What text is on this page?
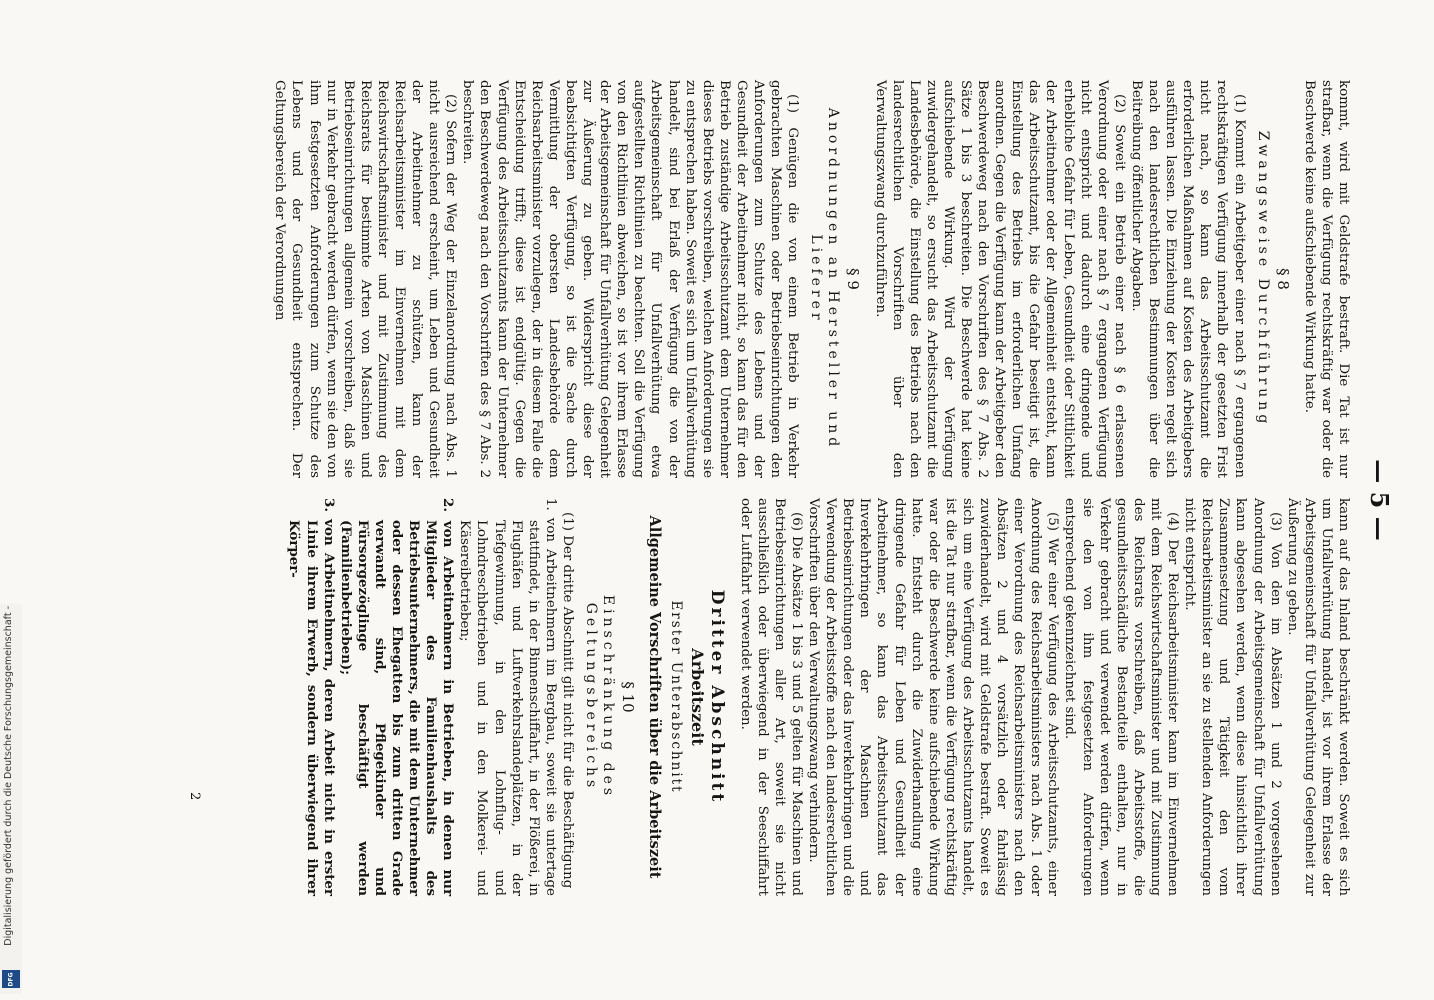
— 5 —

kommt, wird mit Geldstrafe bestraft. Die Tat ist nur strafbar, wenn die Verfügung rechtskräftig war oder die Beschwerde keine aufschiebende Wirkung hatte.

§ 8
Zwangsweise Durchführung

(1) Kommt ein Arbeitgeber einer nach § 7 ergangenen rechtskräftigen Verfügung innerhalb der gesetzten Frist nicht nach, so kann das Arbeitsschutzamt die erforderlichen Maßnahmen auf Kosten des Arbeitgebers ausführen lassen. Die Einziehung der Kosten regelt sich nach den landesrechtlichen Bestimmungen über die Beitreibung öffentlicher Abgaben.

(2) Soweit ein Betrieb einer nach § 6 erlassenen Verordnung oder einer nach § 7 ergangenen Verfügung nicht entspricht und dadurch eine dringende und erhebliche Gefahr für Leben, Gesundheit oder Sittlichkeit der Arbeitnehmer oder der Allgemeinheit entsteht, kann das Arbeitsschutzamt, bis die Gefahr beseitigt ist, die Einstellung des Betriebs im erforderlichen Umfang anordnen. Gegen die Verfügung kann der Arbeitgeber den Beschwerdeweg nach den Vorschriften des § 7 Abs. 2 Sätze 1 bis 3 beschreiten. Die Beschwerde hat keine aufschiebende Wirkung. Wird der Verfügung zuwidergehandelt, so ersucht das Arbeitsschutzamt die Landesbehörde, die Einstellung des Betriebs nach den landesrechtlichen Vorschriften über den Verwaltungszwang durchzuführen.

§ 9
Anordnungen an Hersteller und Lieferer

(1) Genügen die von einem Betrieb in Verkehr gebrachten Maschinen oder Betriebseinrichtungen den Anforderungen zum Schutze des Lebens und der Gesundheit der Arbeitnehmer nicht, so kann das für den Betrieb zuständige Arbeitsschutzamt dem Unternehmer dieses Betriebs vorschreiben, welchen Anforderungen sie zu entsprechen haben. Soweit es sich um Unfallverhütung handelt, sind bei Erlaß der Verfügung die von der Arbeitsgemeinschaft für Unfallverhütung etwa aufgestellten Richtlinien zu beachten. Soll die Verfügung von den Richtlinien abweichen, so ist vor ihrem Erlasse der Arbeitsgemeinschaft für Unfallverhütung Gelegenheit zur Äußerung zu geben. Widerspricht diese der beabsichtigten Verfügung, so ist die Sache durch Vermittlung der obersten Landesbehörde dem Reichsarbeitsminister vorzulegen, der in diesem Falle die Entscheidung trifft; diese ist endgültig. Gegen die Verfügung des Arbeitsschutzamts kann der Unternehmer den Beschwerdeweg nach den Vorschriften des § 7 Abs. 2 beschreiten.

(2) Sofern der Weg der Einzelanordnung nach Abs. 1 nicht ausreichend erscheint, um Leben und Gesundheit der Arbeitnehmer zu schützen, kann der Reichsarbeitsminister im Einvernehmen mit dem Reichswirtschaftsminister und mit Zustimmung des Reichsrats für bestimmte Arten von Maschinen und Betriebseinrichtungen allgemein vorschreiben, daß sie nur in Verkehr gebracht werden dürfen, wenn sie den von ihm festgesetzten Anforderungen zum Schutze des Lebens und der Gesundheit entsprechen. Der Geltungsbereich der Verordnungen

kann auf das Inland beschränkt werden. Soweit es sich um Unfallverhütung handelt, ist vor ihrem Erlasse der Arbeitsgemeinschaft für Unfallverhütung Gelegenheit zur Äußerung zu geben.

(3) Von den im Absätzen 1 und 2 vorgesehenen Anordnung der Arbeitsgemeinschaft für Unfallverhütung kann abgesehen werden, wenn diese hinsichtlich ihrer Zusammensetzung und Tätigkeit den vom Reichsarbeitsminister an sie zu stellenden Anforderungen nicht entspricht.

(4) Der Reichsarbeitsminister kann im Einvernehmen mit dem Reichswirtschaftsminister und mit Zustimmung des Reichsrats vorschreiben, daß Arbeitsstoffe, die gesundheitsschädliche Bestandteile enthalten, nur in Verkehr gebracht und verwendet werden dürfen, wenn sie den von ihm festgesetzten Anforderungen entsprechend gekennzeichnet sind.

(5) Wer einer Verfügung des Arbeitsschutzamts, einer Anordnung des Reichsarbeitsministers nach Abs. 1 oder einer Verordnung des Reichsarbeitsministers nach den Absätzen 2 und 4 vorsätzlich oder fahrlässig zuwiderhandelt, wird mit Geldstrafe bestraft. Soweit es sich um eine Verfügung des Arbeitsschutzamts handelt, ist die Tat nur strafbar, wenn die Verfügung rechtskräftig war oder die Beschwerde keine aufschiebende Wirkung hatte. Entsteht durch die Zuwiderhandlung eine dringende Gefahr für Leben und Gesundheit der Arbeitnehmer, so kann das Arbeitsschutzamt das Inverkehrbringen der Maschinen und Betriebseinrichtungen oder das Inverkehrbringen und die Verwendung der Arbeitsstoffe nach den landesrechtlichen Vorschriften über den Verwaltungszwang verhindern.

(6) Die Absätze 1 bis 3 und 5 gelten für Maschinen und Betriebseinrichtungen aller Art, soweit sie nicht ausschließlich oder überwiegend in der Seeschiffahrt oder Luftfahrt verwendet werden.

Dritter Abschnitt
Arbeitszeit
Erster Unterabschnitt
Allgemeine Vorschriften über die Arbeitszeit
§ 10
Einschränkung des Geltungsbereichs

(1) Der dritte Abschnitt gilt nicht für die Beschäftigung

1. von Arbeitnehmern im Bergbau, soweit sie untertage stattfindet, in der Binnenschiffahrt, in der Flößerei, in Flughäfen und Luftverkehrslandeplätzen, in der Tiefgewinnung, in den Lohnflug- und Lohndreschbetrieben und in den Molkerei- und Käsereibetrieben;

2. von Arbeitnehmern in Betrieben, in denen nur Mitglieder des Familienhaushalts des Betriebsunternehmers, die mit dem Unternehmer oder dessen Ehegatten bis zum dritten Grade verwandt sind, Pflegekinder und Fürsorgezöglinge beschäftigt werden (Familienbetrieben);

3. von Arbeitnehmern, deren Arbeit nicht in erster Linie ihrem Erwerb, sondern überwiegend ihrer Körper-

2
Digitalisierung gefördert durch die Deutsche Forschungsgemeinschaft -
DFG
